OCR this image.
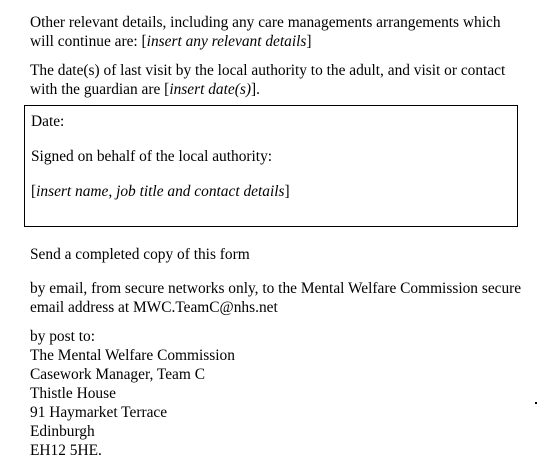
Other relevant details, including any care managements arrangements which will continue are: [insert any relevant details]

The date(s) of last visit by the local authority to the adult, and visit or contact with the guardian are [insert date(s)].

Date:

Signed on behalf of the local authority:

[insert name, job title and contact details]

Send a completed copy of this form

by email, from secure networks only, to the Mental Welfare Commission secure email address at MWC.TeamC@nhs.net

by post to:
The Mental Welfare Commission
Casework Manager, Team C
Thistle House
91 Haymarket Terrace
Edinburgh
EH12 5HE.
